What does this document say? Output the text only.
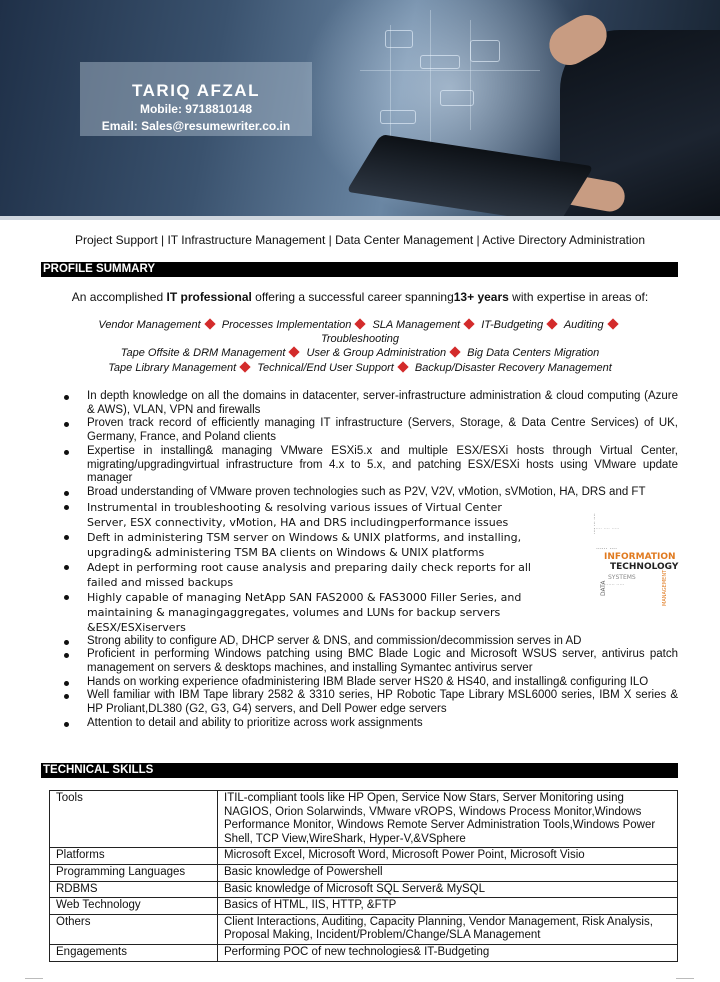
TARIQ AFZAL
Mobile: 9718810148
Email: Sales@resumewriter.co.in
Project Support | IT Infrastructure Management | Data Center Management | Active Directory Administration
PROFILE SUMMARY
An accomplished IT professional offering a successful career spanning13+ years with expertise in areas of:
Vendor Management Processes Implementation SLA Management IT-Budgeting Auditing
Troubleshooting
Tape Offsite & DRM Management User & Group Administration Big Data Centers Migration
Tape Library Management Technical/End User Support Backup/Disaster Recovery Management
In depth knowledge on all the domains in datacenter, server-infrastructure administration & cloud computing (Azure & AWS), VLAN, VPN and firewalls
Proven track record of efficiently managing IT infrastructure (Servers, Storage, & Data Centre Services) of UK, Germany, France, and Poland clients
Expertise in installing& managing VMware ESXi5.x and multiple ESX/ESXi hosts through Virtual Center, migrating/upgradingvirtual infrastructure from 4.x to 5.x, and patching ESX/ESXi hosts using VMware update manager
Broad understanding of VMware proven technologies such as P2V, V2V, vMotion, sVMotion, HA, DRS and FT
Instrumental in troubleshooting & resolving various issues of Virtual Center Server, ESX connectivity, vMotion, HA and DRS includingperformance issues
Deft in administering TSM server on Windows & UNIX platforms, and installing, upgrading& administering TSM BA clients on Windows & UNIX platforms
Adept in performing root cause analysis and preparing daily check reports for all failed and missed backups
Highly capable of managing NetApp SAN FAS2000 & FAS3000 Filler Series, and maintaining & managingaggregates, volumes and LUNs for backup servers &ESX/ESXiservers
Strong ability to configure AD, DHCP server & DNS, and commission/decommission serves in AD
Proficient in performing Windows patching using BMC Blade Logic and Microsoft WSUS server, antivirus patch management on servers & desktops machines, and installing Symantec antivirus server
Hands on working experience ofadministering IBM Blade server HS20 & HS40, and installing& configuring ILO
Well familiar with IBM Tape library 2582 & 3310 series, HP Robotic Tape Library MSL6000 series, IBM X series & HP Proliant,DL380 (G2, G3, G4) servers, and Dell Power edge servers
Attention to detail and ability to prioritize across work assignments
···· ··· ····
······ ····
INFORMATION
TECHNOLOGY
DATA	MANAGEMENT
SYSTEMS
········ ·····
····· ···· ·····
TECHNICAL SKILLS
Tools	ITIL-compliant tools like HP Open, Service Now Stars, Server Monitoring using NAGIOS, Orion Solarwinds, VMware vROPS, Windows Process Monitor,Windows Performance Monitor, Windows Remote Server Administration Tools,Windows Power Shell, TCP View,WireShark, Hyper-V,&VSphere
Platforms	Microsoft Excel, Microsoft Word, Microsoft Power Point, Microsoft Visio
Programming Languages	Basic knowledge of Powershell
RDBMS	Basic knowledge of Microsoft SQL Server& MySQL
Web Technology	Basics of HTML, IIS, HTTP, &FTP
Others	Client Interactions, Auditing, Capacity Planning, Vendor Management, Risk Analysis, Proposal Making, Incident/Problem/Change/SLA Management
Engagements	Performing POC of new technologies& IT-Budgeting
